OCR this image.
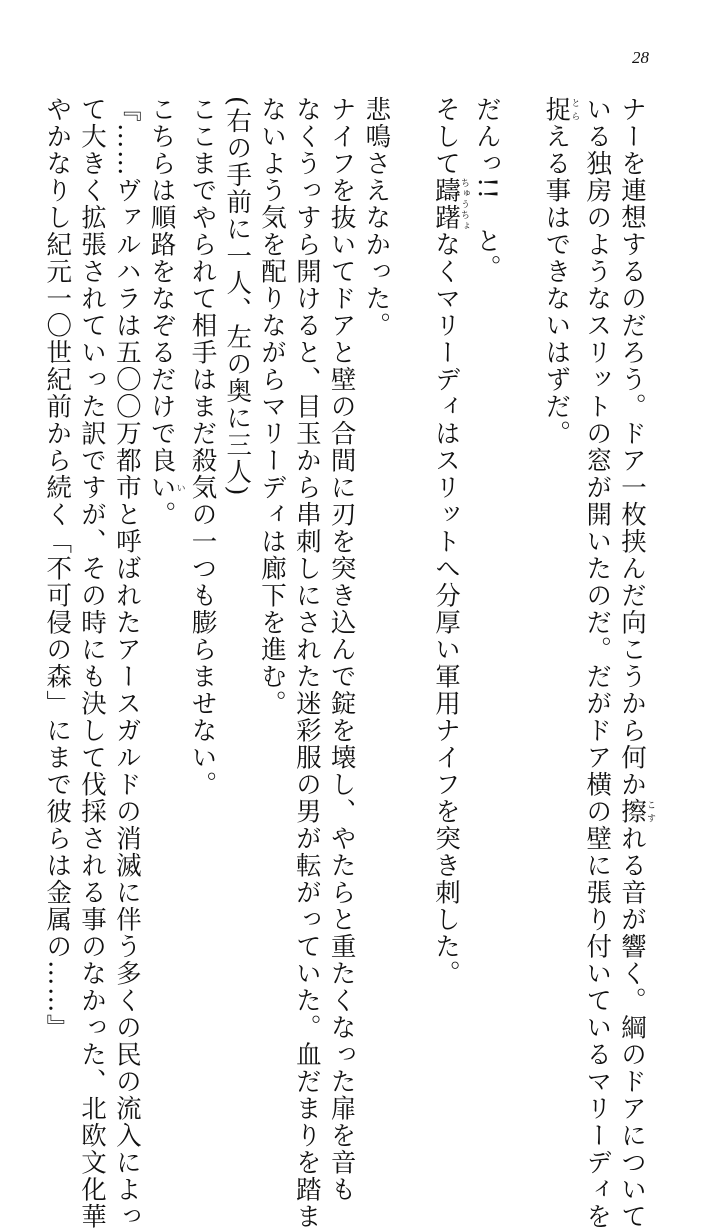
28
ナーを連想するのだろう。ドア一枚挟んだ向こうから何か擦こすれる音が響く。綱のドアについて
いる独房のようなスリットの窓が開いたのだ。だがドア横の壁に張り付いているマリーディを
捉とらえる事はできないはずだ。
だんっ!!　と。
そして躊躇ちゅうちょなくマリーディはスリットへ分厚い軍用ナイフを突き刺した。
悲鳴さえなかった。
ナイフを抜いてドアと壁の合間に刃を突き込んで錠を壊し、やたらと重たくなった扉を音も
なくうっすら開けると、目玉から串刺しにされた迷彩服の男が転がっていた。血だまりを踏ま
ないよう気を配りながらマリーディは廊下を進む。
(右の手前に一人、左の奥に三人)
ここまでやられて相手はまだ殺気の一つも膨らませない。
こちらは順路をなぞるだけで良いい。
『……ヴァルハラは五〇〇万都市と呼ばれたアースガルドの消滅に伴う多くの民の流入によっ
て大きく拡張されていった訳ですが、その時にも決して伐採される事のなかった、北欧文化華
やかなりし紀元一〇世紀前から続く「不可侵の森」にまで彼らは金属の……』
